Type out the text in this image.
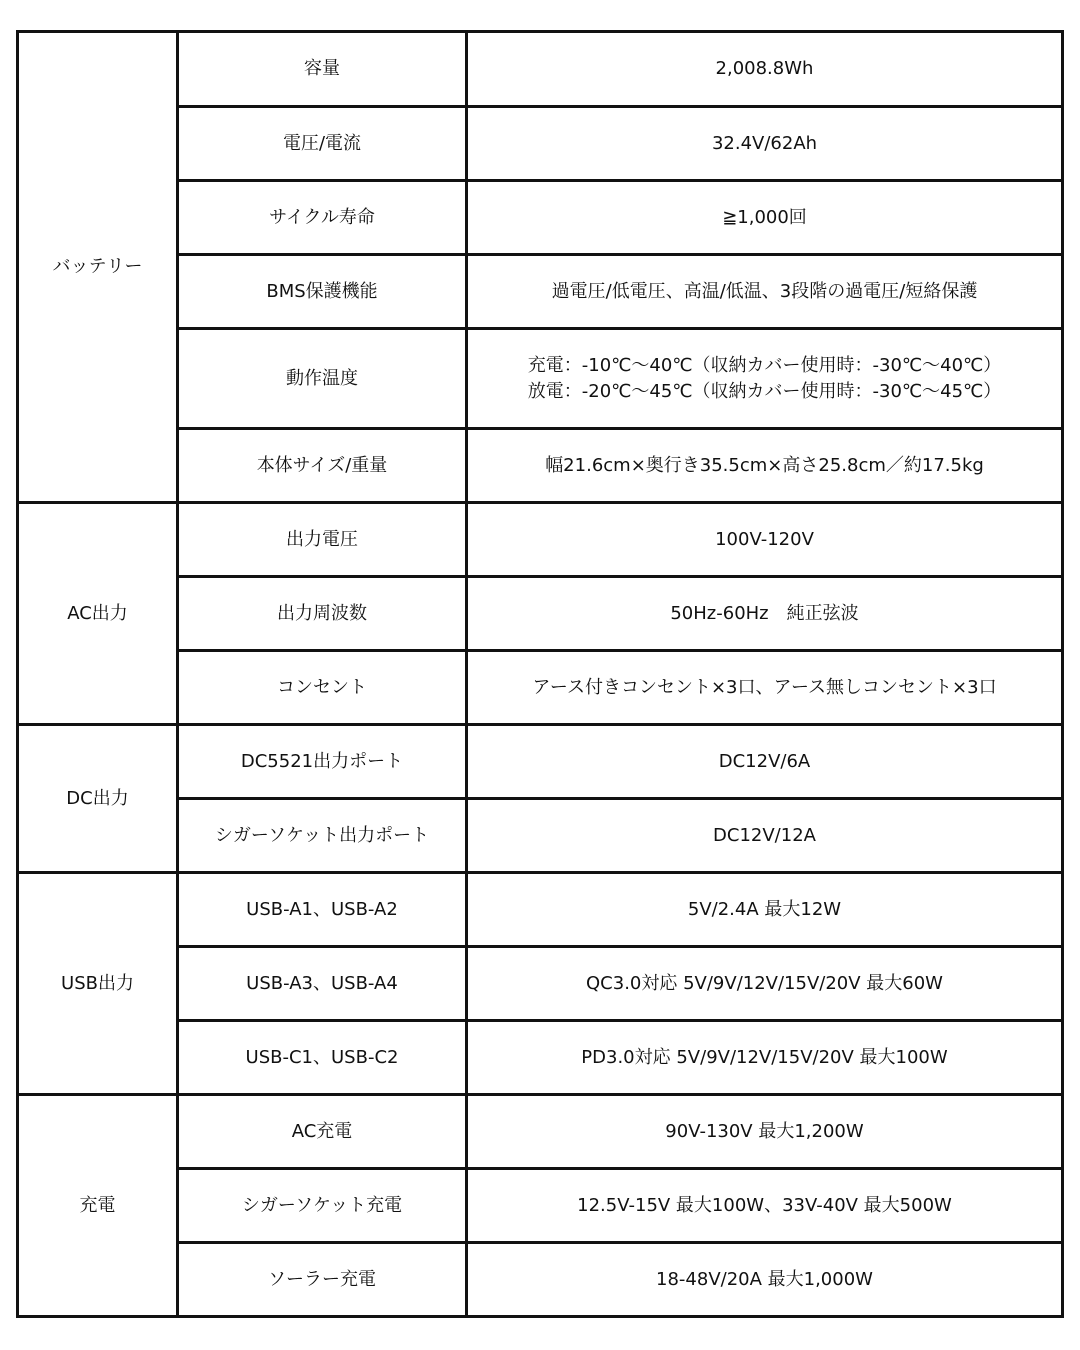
バッテリー	容量	2,008.8Wh
	電圧/電流	32.4V/62Ah
	サイクル寿命	≧1,000回
	BMS保護機能	過電圧/低電圧、高温/低温、3段階の過電圧/短絡保護
	動作温度	充電：-10℃〜40℃（収納カバー使用時：-30℃〜40℃）
放電：-20℃〜45℃（収納カバー使用時：-30℃〜45℃）

	本体サイズ/重量	幅21.6cm×奥行き35.5cm×高さ25.8cm／約17.5kg
AC出力	出力電圧	100V-120V
	出力周波数	50Hz-60Hz　純正弦波
	コンセント	アース付きコンセント×3口、アース無しコンセント×3口
DC出力	DC5521出力ポート	DC12V/6A
	シガーソケット出力ポート	DC12V/12A
USB出力	USB-A1、USB-A2	5V/2.4A 最大12W
	USB-A3、USB-A4	QC3.0対応 5V/9V/12V/15V/20V 最大60W
	USB-C1、USB-C2	PD3.0対応 5V/9V/12V/15V/20V 最大100W
充電	AC充電	90V-130V 最大1,200W
	シガーソケット充電	12.5V-15V 最大100W、33V-40V 最大500W
	ソーラー充電	18-48V/20A 最大1,000W
